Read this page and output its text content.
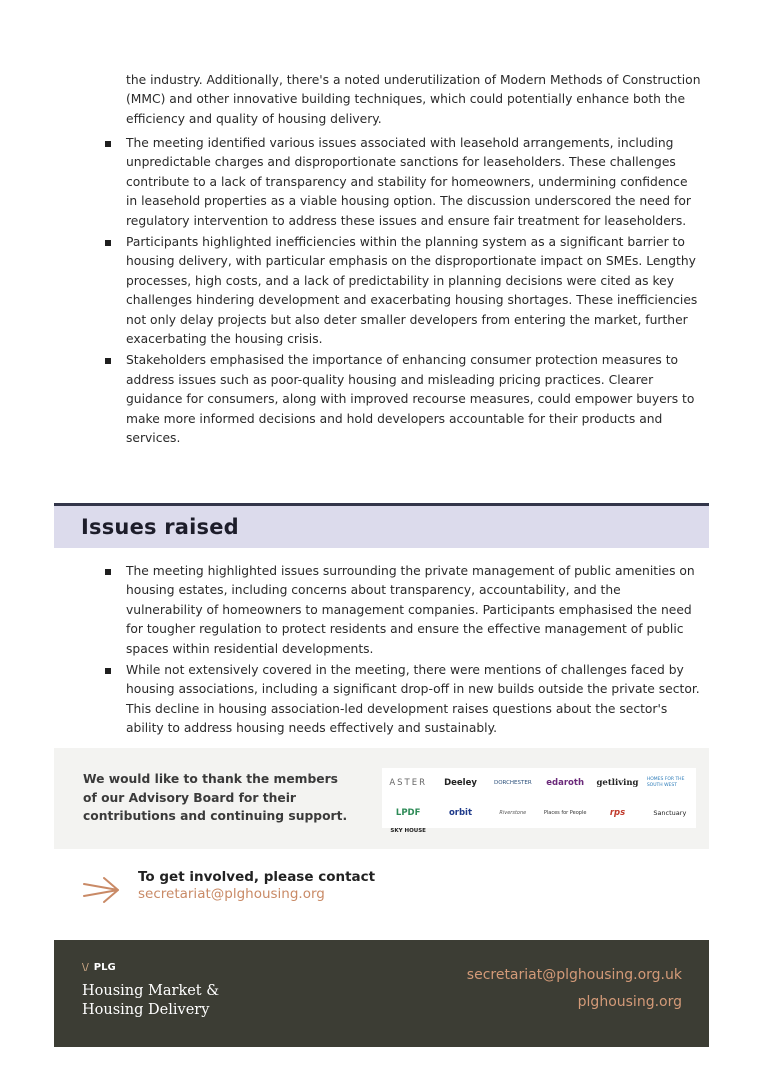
the industry. Additionally, there's a noted underutilization of Modern Methods of Construction (MMC) and other innovative building techniques, which could potentially enhance both the efficiency and quality of housing delivery.

The meeting identified various issues associated with leasehold arrangements, including unpredictable charges and disproportionate sanctions for leaseholders. These challenges contribute to a lack of transparency and stability for homeowners, undermining confidence in leasehold properties as a viable housing option. The discussion underscored the need for regulatory intervention to address these issues and ensure fair treatment for leaseholders.
Participants highlighted inefficiencies within the planning system as a significant barrier to housing delivery, with particular emphasis on the disproportionate impact on SMEs. Lengthy processes, high costs, and a lack of predictability in planning decisions were cited as key challenges hindering development and exacerbating housing shortages. These inefficiencies not only delay projects but also deter smaller developers from entering the market, further exacerbating the housing crisis.
Stakeholders emphasised the importance of enhancing consumer protection measures to address issues such as poor-quality housing and misleading pricing practices. Clearer guidance for consumers, along with improved recourse measures, could empower buyers to make more informed decisions and hold developers accountable for their products and services.
Issues raised
The meeting highlighted issues surrounding the private management of public amenities on housing estates, including concerns about transparency, accountability, and the vulnerability of homeowners to management companies. Participants emphasised the need for tougher regulation to protect residents and ensure the effective management of public spaces within residential developments.
While not extensively covered in the meeting, there were mentions of challenges faced by housing associations, including a significant drop-off in new builds outside the private sector. This decline in housing association-led development raises questions about the sector's ability to address housing needs effectively and sustainably.

We would like to thank the members of our Advisory Board for their contributions and continuing support.

ASTER Deeley	DORCHESTER edaroth getliving HOMES FOR THE SOUTH WEST
LPDF	orbit	Riverstone	Places for People	rps	Sanctuary
SKY HOUSE

To get involved, please contact

secretariat@plghousing.org

\/ PLG

Housing Market &
Housing Delivery

secretariat@plghousing.org.uk

plghousing.org
